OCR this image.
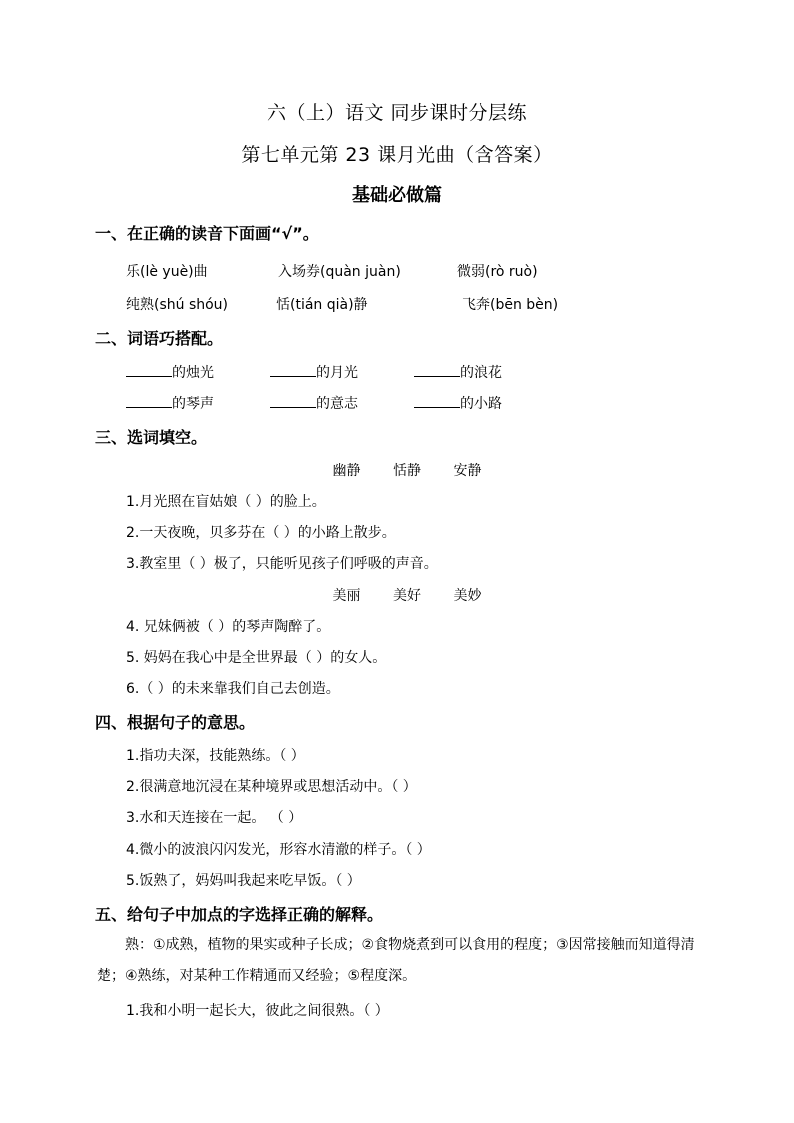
六（上）语文 同步课时分层练
第七单元第 23 课月光曲（含答案）
基础必做篇
一、在正确的读音下面画“√”。
乐(lè yuè)曲	入场券(quàn juàn)	微弱(rò ruò)
纯熟(shú shóu)	恬(tián qià)静	飞奔(bēn bèn)
二、词语巧搭配。
的烛光	的月光	的浪花
的琴声	的意志	的小路
三、选词填空。
幽静 恬静 安静
1.月光照在盲姑娘（ ）的脸上。
2.一天夜晚，贝多芬在（ ）的小路上散步。
3.教室里（ ）极了，只能听见孩子们呼吸的声音。
美丽 美好 美妙
4. 兄妹俩被（ ）的琴声陶醉了。
5. 妈妈在我心中是全世界最（ ）的女人。
6.（ ）的未来靠我们自己去创造。
四、根据句子的意思。
1.指功夫深，技能熟练。（ ）
2.很满意地沉浸在某种境界或思想活动中。（ ）
3.水和天连接在一起。 （ ）
4.微小的波浪闪闪发光，形容水清澈的样子。（ ）
5.饭熟了，妈妈叫我起来吃早饭。（ ）
五、给句子中加点的字选择正确的解释。
熟：①成熟，植物的果实或种子长成；②食物烧煮到可以食用的程度；③因常接触而知道得清楚；④熟练，对某种工作精通而又经验；⑤程度深。
1.我和小明一起长大，彼此之间很熟。（ ）
